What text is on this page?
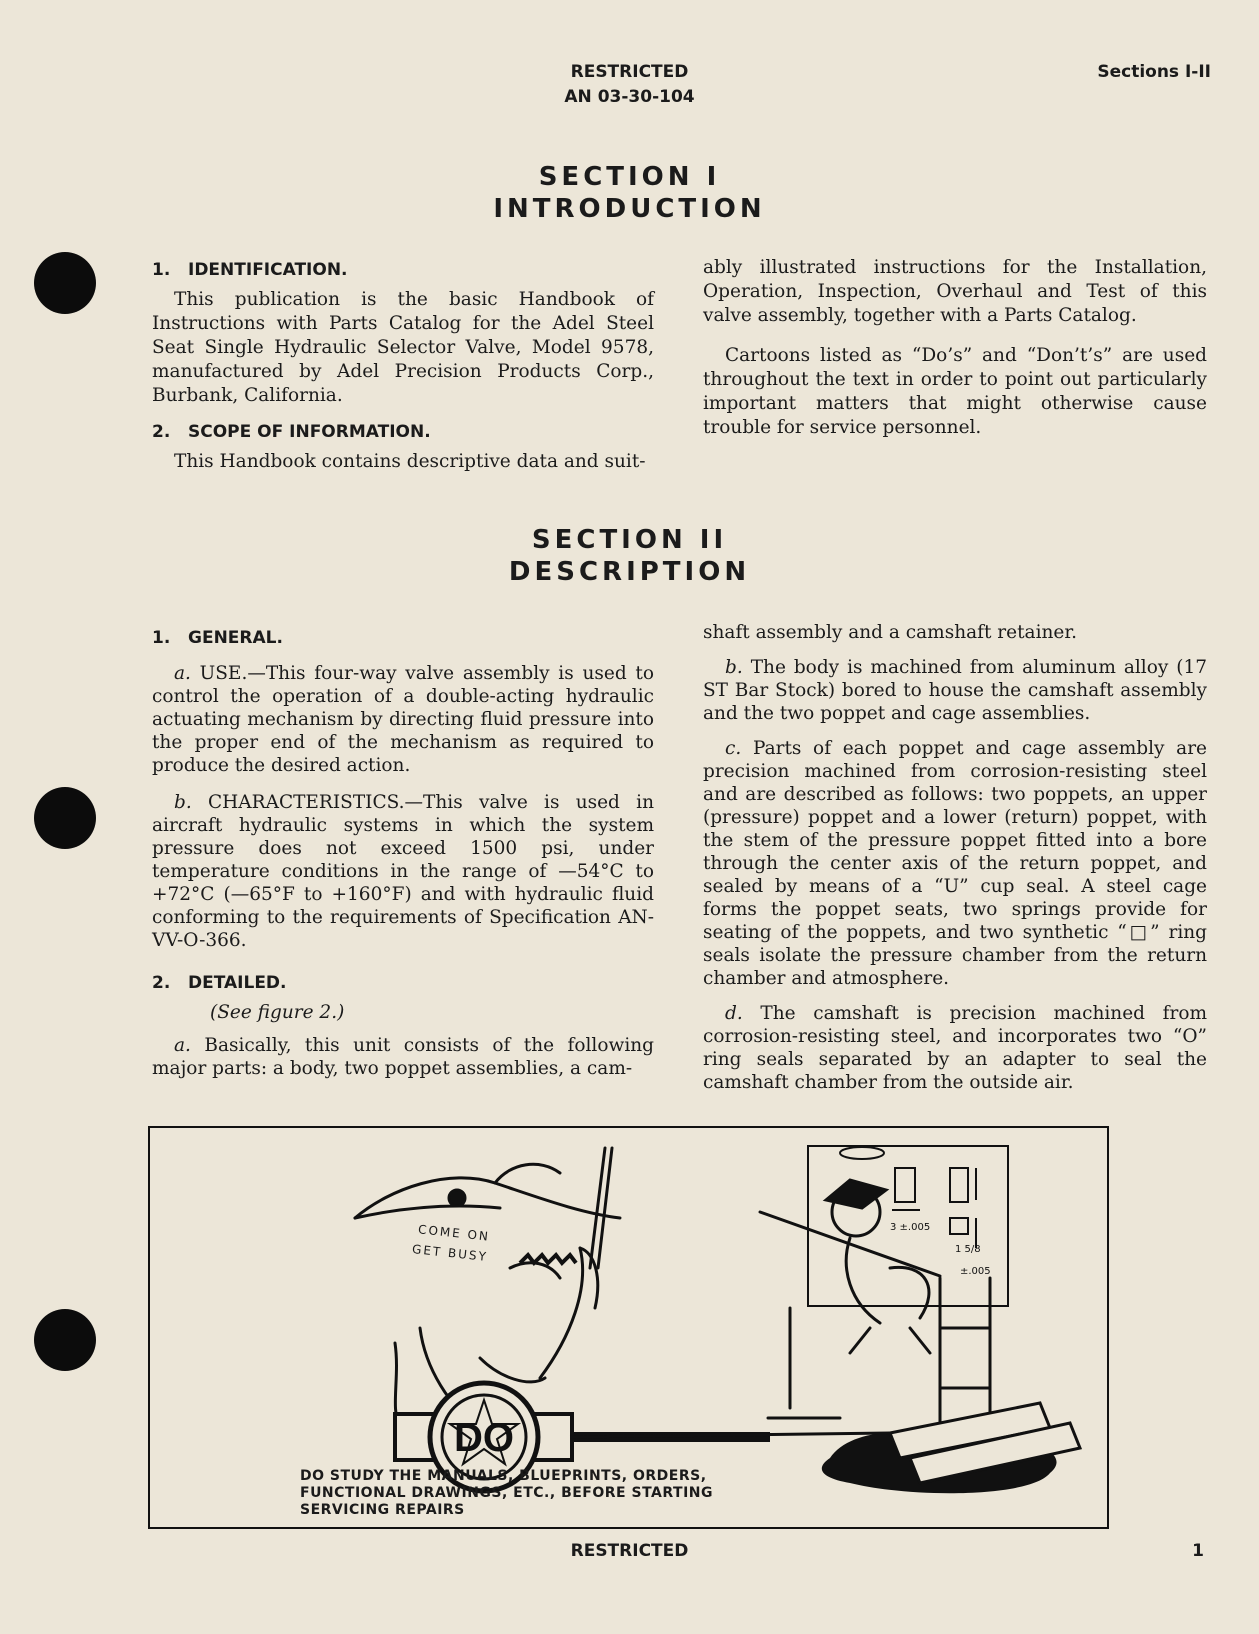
RESTRICTED
AN 03-30-104
Sections I-II
SECTION I
INTRODUCTION

1. IDENTIFICATION.

This publication is the basic Handbook of Instructions with Parts Catalog for the Adel Steel Seat Single Hydraulic Selector Valve, Model 9578, manufactured by Adel Precision Products Corp., Burbank, California.

2. SCOPE OF INFORMATION.

This Handbook contains descriptive data and suit-

ably illustrated instructions for the Installation, Operation, Inspection, Overhaul and Test of this valve assembly, together with a Parts Catalog.

Cartoons listed as “Do’s” and “Don’t’s” are used throughout the text in order to point out particularly important matters that might otherwise cause trouble for service personnel.

SECTION II
DESCRIPTION

1. GENERAL.

a. USE.—This four-way valve assembly is used to control the operation of a double-acting hydraulic actuating mechanism by directing fluid pressure into the proper end of the mechanism as required to produce the desired action.

b. CHARACTERISTICS.—This valve is used in aircraft hydraulic systems in which the system pressure does not exceed 1500 psi, under temperature conditions in the range of —54°C to +72°C (—65°F to +160°F) and with hydraulic fluid conforming to the requirements of Specification AN-VV-O-366.

2. DETAILED.

(See figure 2.)

a. Basically, this unit consists of the following major parts: a body, two poppet assemblies, a cam-

shaft assembly and a camshaft retainer.

b. The body is machined from aluminum alloy (17 ST Bar Stock) bored to house the camshaft assembly and the two poppet and cage assemblies.

c. Parts of each poppet and cage assembly are precision machined from corrosion-resisting steel and are described as follows: two poppets, an upper (pressure) poppet and a lower (return) poppet, with the stem of the pressure poppet fitted into a bore through the center axis of the return poppet, and sealed by means of a “U” cup seal. A steel cage forms the poppet seats, two springs provide for seating of the poppets, and two synthetic “□” ring seals isolate the pressure chamber from the return chamber and atmosphere.

d. The camshaft is precision machined from corrosion-resisting steel, and incorporates two “O” ring seals separated by an adapter to seal the camshaft chamber from the outside air.

DO
3 ±.005
1 5/8
±.005
COME ON
GET BUSY
DO STUDY THE MANUALS, BLUEPRINTS, ORDERS, FUNCTIONAL DRAWINGS, ETC., BEFORE STARTING SERVICING REPAIRS
RESTRICTED	1
